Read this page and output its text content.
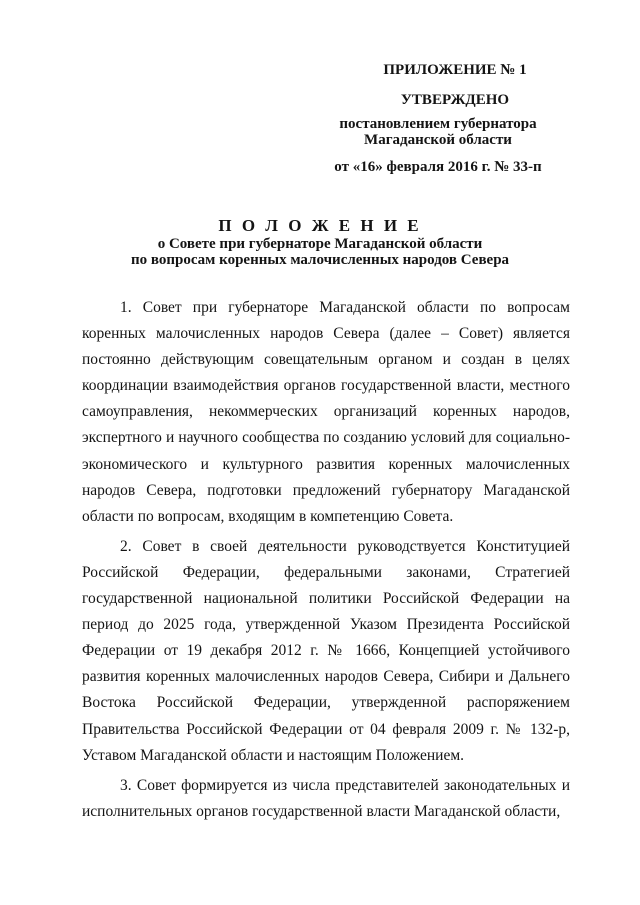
ПРИЛОЖЕНИЕ № 1
УТВЕРЖДЕНО
постановлением губернатора
Магаданской области
от «16» февраля 2016 г. № 33-п
П О Л О Ж Е Н И Е
о Совете при губернаторе Магаданской области
по вопросам коренных малочисленных народов Севера

1. Совет при губернаторе Магаданской области по вопросам коренных малочисленных народов Севера (далее – Совет) является постоянно действующим совещательным органом и создан в целях координации взаимодействия органов государственной власти, местного самоуправления, некоммерческих организаций коренных народов, экспертного и научного сообщества по созданию условий для социально-экономического и культурного развития коренных малочисленных народов Севера, подготовки предложений губернатору Магаданской области по вопросам, входящим в компетенцию Совета.

2. Совет в своей деятельности руководствуется Конституцией Российской Федерации, федеральными законами, Стратегией государственной национальной политики Российской Федерации на период до 2025 года, утвержденной Указом Президента Российской Федерации от 19 декабря 2012 г. № 1666, Концепцией устойчивого развития коренных малочисленных народов Севера, Сибири и Дальнего Востока Российской Федерации, утвержденной распоряжением Правительства Российской Федерации от 04 февраля 2009 г. № 132-р, Уставом Магаданской области и настоящим Положением.

3. Совет формируется из числа представителей законодательных и исполнительных органов государственной власти Магаданской области,
